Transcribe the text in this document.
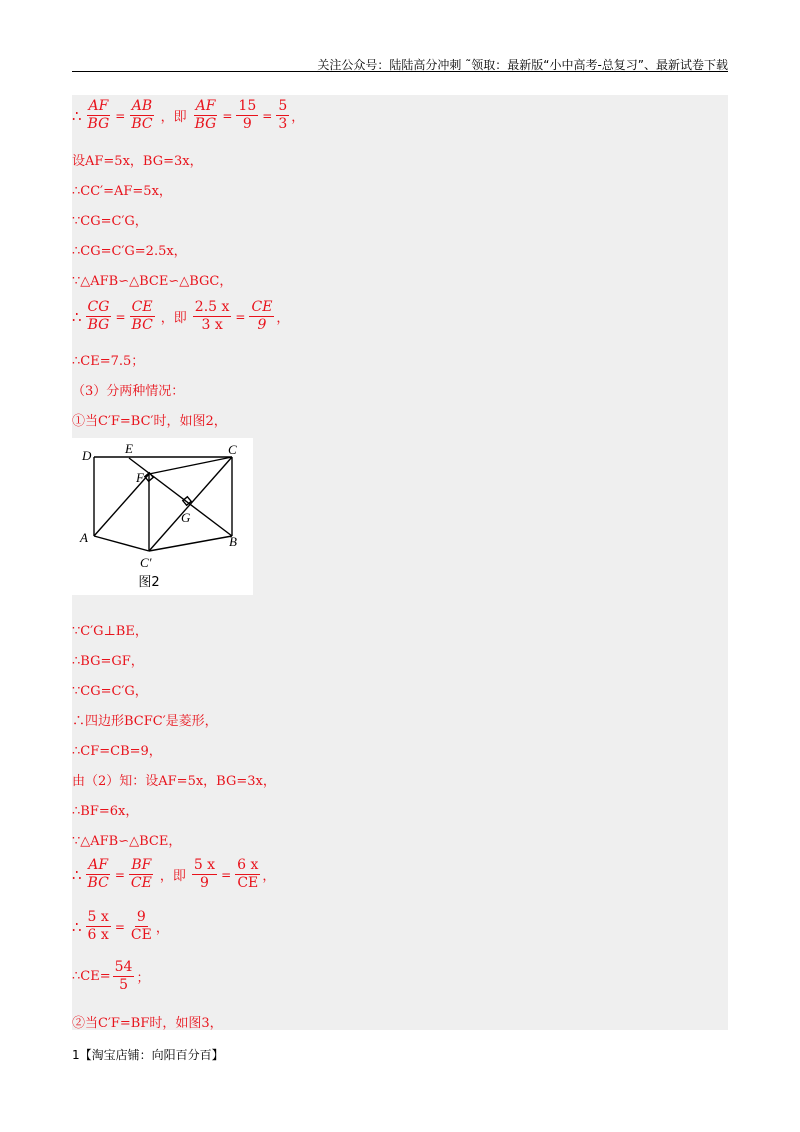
关注公众号：陆陆高分冲刺 ˜领取：最新版“小中高考-总复习”、最新试卷下载
∴ $\frac{AF}{BG} = \frac{AB}{BC}$ ，即 $\frac{AF}{BG} = \frac{15}{9} = \frac{5}{3}$ ，
设AF=5x，BG=3x，
∴CC′=AF=5x，
∵CG=C′G，
∴CG=C′G=2.5x，
∵△AFB∽△BCE∽△BGC，
∴ $\frac{CG}{BG} = \frac{CE}{BC}$ ，即 $\frac{2.5 x}{3 x} = \frac{CE}{9}$ ，
∴CE=7.5；
（3）分两种情况：
①当C′F=BC′时，如图2，
D	E	C
F
G
A	B
C′
图2
∵C′G⊥BE，
∴BG=GF，
∵CG=C′G，
∴四边形BCFC′是菱形，
∴CF=CB=9，
由（2）知：设AF=5x，BG=3x，
∴BF=6x，
∵△AFB∽△BCE，
∴ $\frac{AF}{BC} = \frac{BF}{CE}$ ，即 $\frac{5 x}{9} = \frac{6 x}{CE}$ ，
∴ $\frac{5 x}{6 x} = \frac{9}{CE}$ ，
∴CE= $\frac{54}{5}$ ；
②当C′F=BF时，如图3，
1【淘宝店铺：向阳百分百】
